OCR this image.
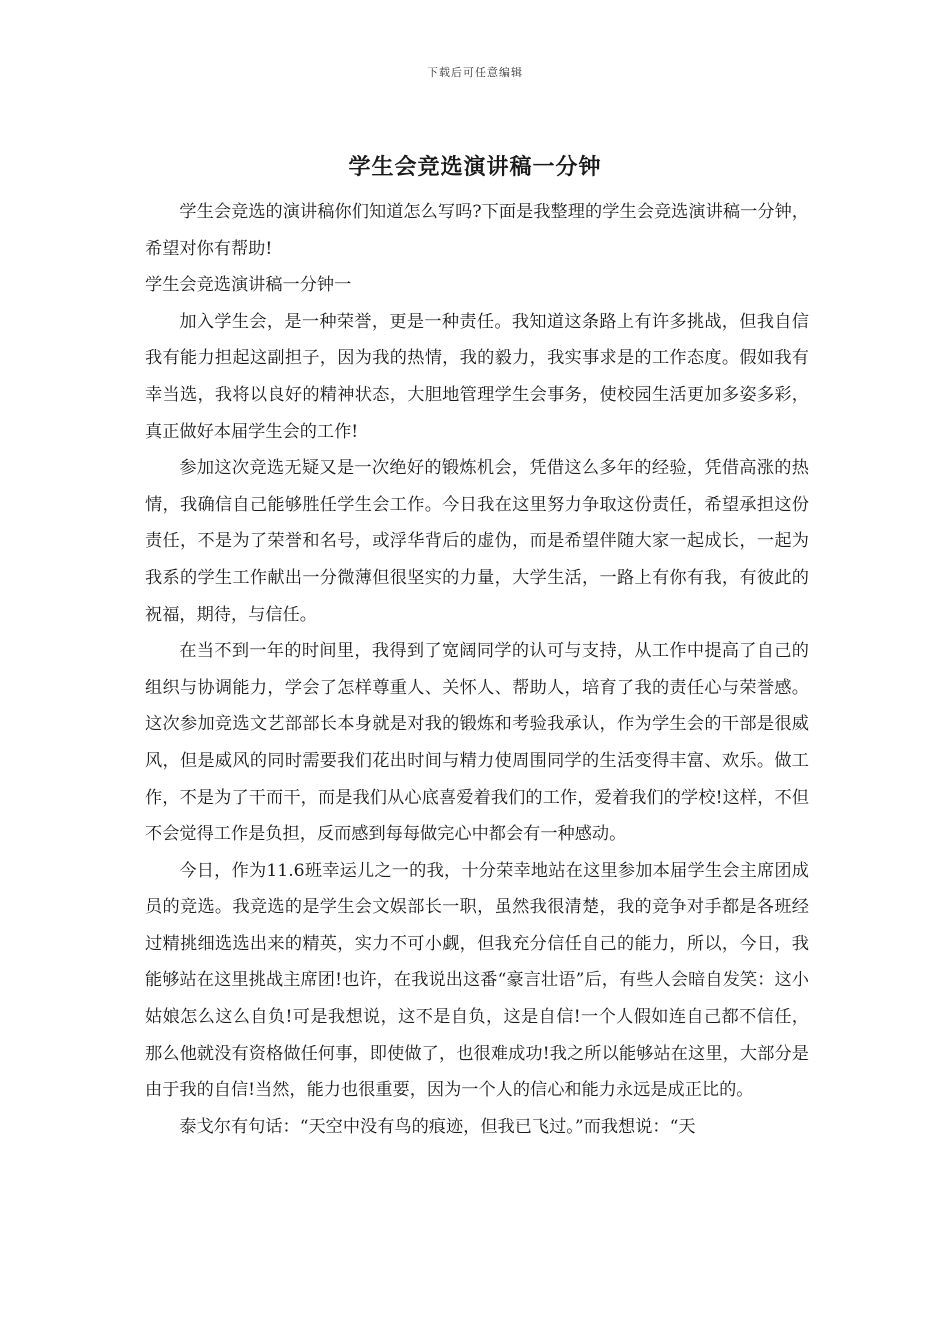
下载后可任意编辑
学生会竞选演讲稿一分钟

学生会竞选的演讲稿你们知道怎么写吗?下面是我整理的学生会竞选演讲稿一分钟，希望对你有帮助!

学生会竞选演讲稿一分钟一

加入学生会，是一种荣誉，更是一种责任。我知道这条路上有许多挑战，但我自信我有能力担起这副担子，因为我的热情，我的毅力，我实事求是的工作态度。假如我有幸当选，我将以良好的精神状态，大胆地管理学生会事务，使校园生活更加多姿多彩，真正做好本届学生会的工作!

参加这次竞选无疑又是一次绝好的锻炼机会，凭借这么多年的经验，凭借高涨的热情，我确信自己能够胜任学生会工作。今日我在这里努力争取这份责任，希望承担这份责任，不是为了荣誉和名号，或浮华背后的虚伪，而是希望伴随大家一起成长，一起为我系的学生工作献出一分微薄但很坚实的力量，大学生活，一路上有你有我，有彼此的祝福，期待，与信任。

在当不到一年的时间里，我得到了宽阔同学的认可与支持，从工作中提高了自己的组织与协调能力，学会了怎样尊重人、关怀人、帮助人，培育了我的责任心与荣誉感。这次参加竞选文艺部部长本身就是对我的锻炼和考验我承认，作为学生会的干部是很威风，但是威风的同时需要我们花出时间与精力使周围同学的生活变得丰富、欢乐。做工作，不是为了干而干，而是我们从心底喜爱着我们的工作，爱着我们的学校!这样，不但不会觉得工作是负担，反而感到每每做完心中都会有一种感动。

今日，作为11.6班幸运儿之一的我，十分荣幸地站在这里参加本届学生会主席团成员的竞选。我竞选的是学生会文娱部长一职，虽然我很清楚，我的竞争对手都是各班经过精挑细选选出来的精英，实力不可小觑，但我充分信任自己的能力，所以，今日，我能够站在这里挑战主席团!也许，在我说出这番“豪言壮语”后，有些人会暗自发笑：这小姑娘怎么这么自负!可是我想说，这不是自负，这是自信!一个人假如连自己都不信任，那么他就没有资格做任何事，即使做了，也很难成功!我之所以能够站在这里，大部分是由于我的自信!当然，能力也很重要，因为一个人的信心和能力永远是成正比的。

泰戈尔有句话：“天空中没有鸟的痕迹，但我已飞过。”而我想说：“天
